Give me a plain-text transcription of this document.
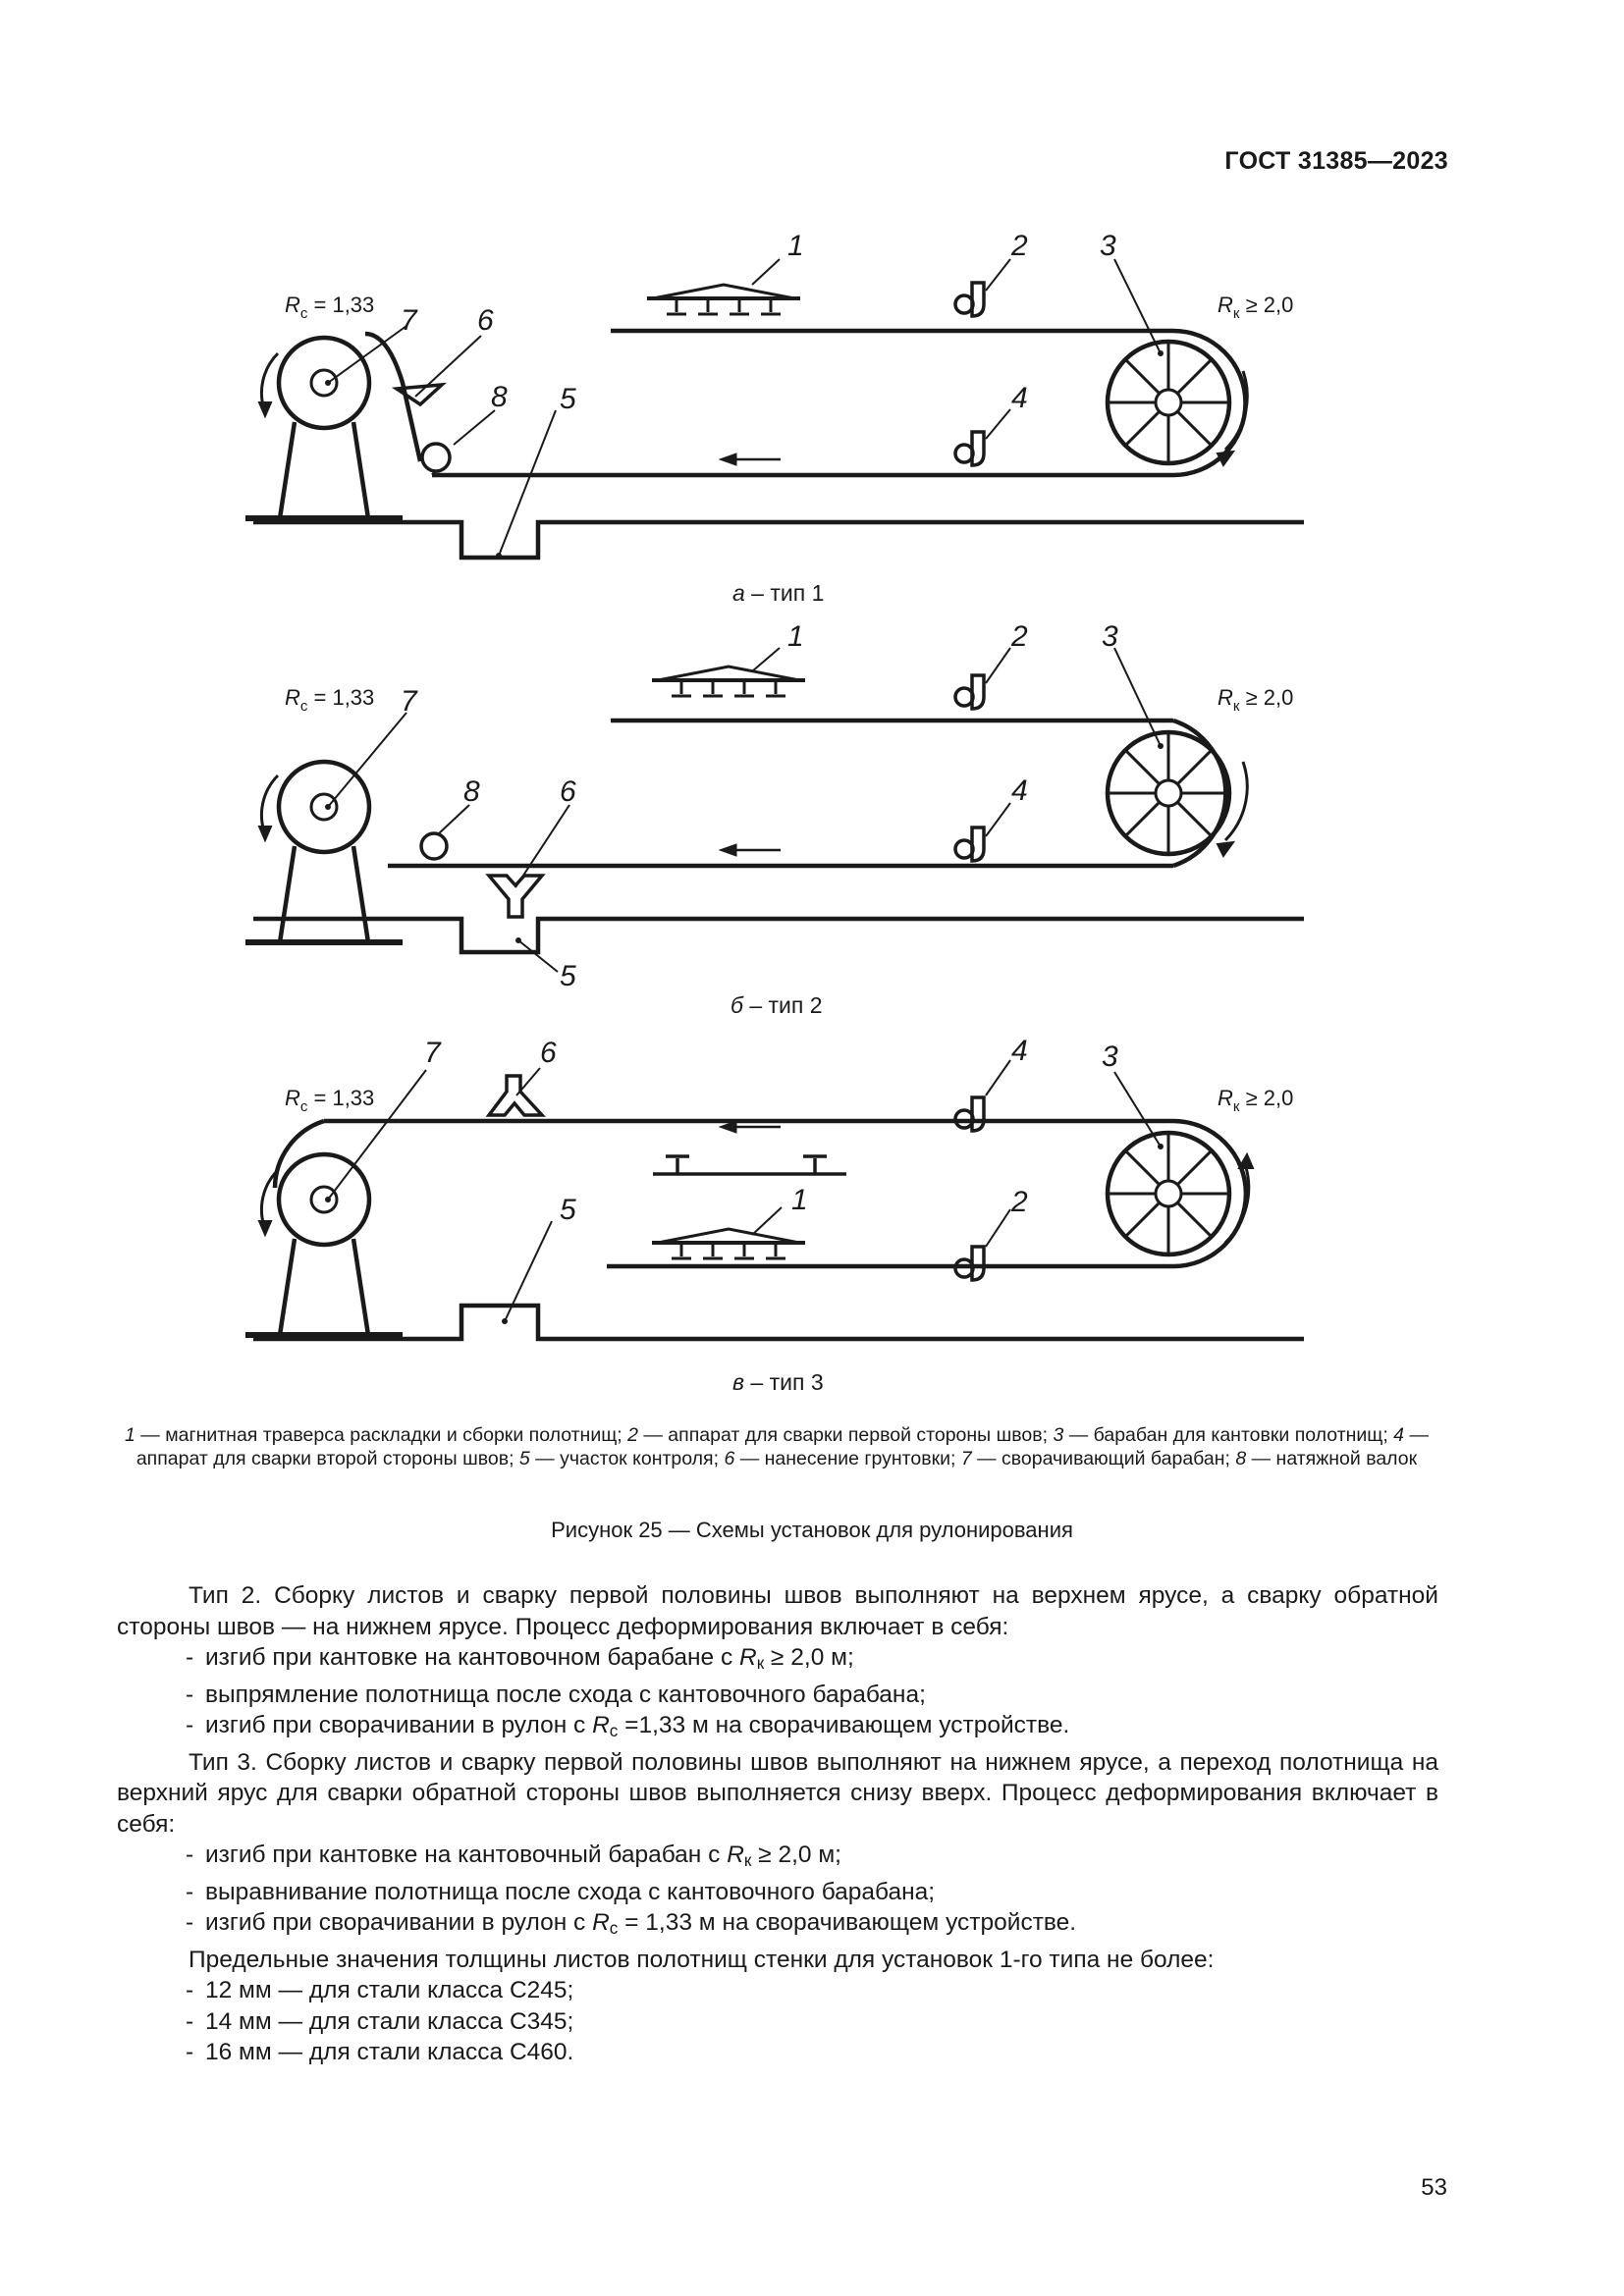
ГОСТ 31385—2023
1	2 3
4
5
6
7
8
$R_с = 1,33$	$R_к \ge 2,0$
а – тип 1
1	2	3
4
5
6
7
8
$R_с = 1,33$	$R_к \ge 2,0$
б – тип 2
1	2
3
4
5
6
7
$R_с = 1,33$	$R_к \ge 2,0$
в – тип 3
1 — магнитная траверса раскладки и сборки полотнищ; 2 — аппарат для сварки первой стороны швов; 3 — барабан для кантовки полотнищ; 4 — аппарат для сварки второй стороны швов; 5 — участок контроля; 6 — нанесение грунтовки; 7 — сворачивающий барабан; 8 — натяжной валок
Рисунок 25 — Схемы установок для рулонирования

Тип 2. Сборку листов и сварку первой половины швов выполняют на верхнем ярусе, а сварку обратной стороны швов — на нижнем ярусе. Процесс деформирования включает в себя:

- изгиб при кантовке на кантовочном барабане с $R_к \ge 2,0$ м;

- выпрямление полотнища после схода с кантовочного барабана;

- изгиб при сворачивании в рулон с $R_с =1,33$ м на сворачивающем устройстве.

Тип 3. Сборку листов и сварку первой половины швов выполняют на нижнем ярусе, а переход полотнища на верхний ярус для сварки обратной стороны швов выполняется снизу вверх. Процесс деформирования включает в себя:

- изгиб при кантовке на кантовочный барабан с $R_к \ge 2,0$ м;

- выравнивание полотнища после схода с кантовочного барабана;

- изгиб при сворачивании в рулон с $R_с = 1,33$ м на сворачивающем устройстве.

Предельные значения толщины листов полотнищ стенки для установок 1-го типа не более:

- 12 мм — для стали класса С245;

- 14 мм — для стали класса С345;

- 16 мм — для стали класса С460.

53
